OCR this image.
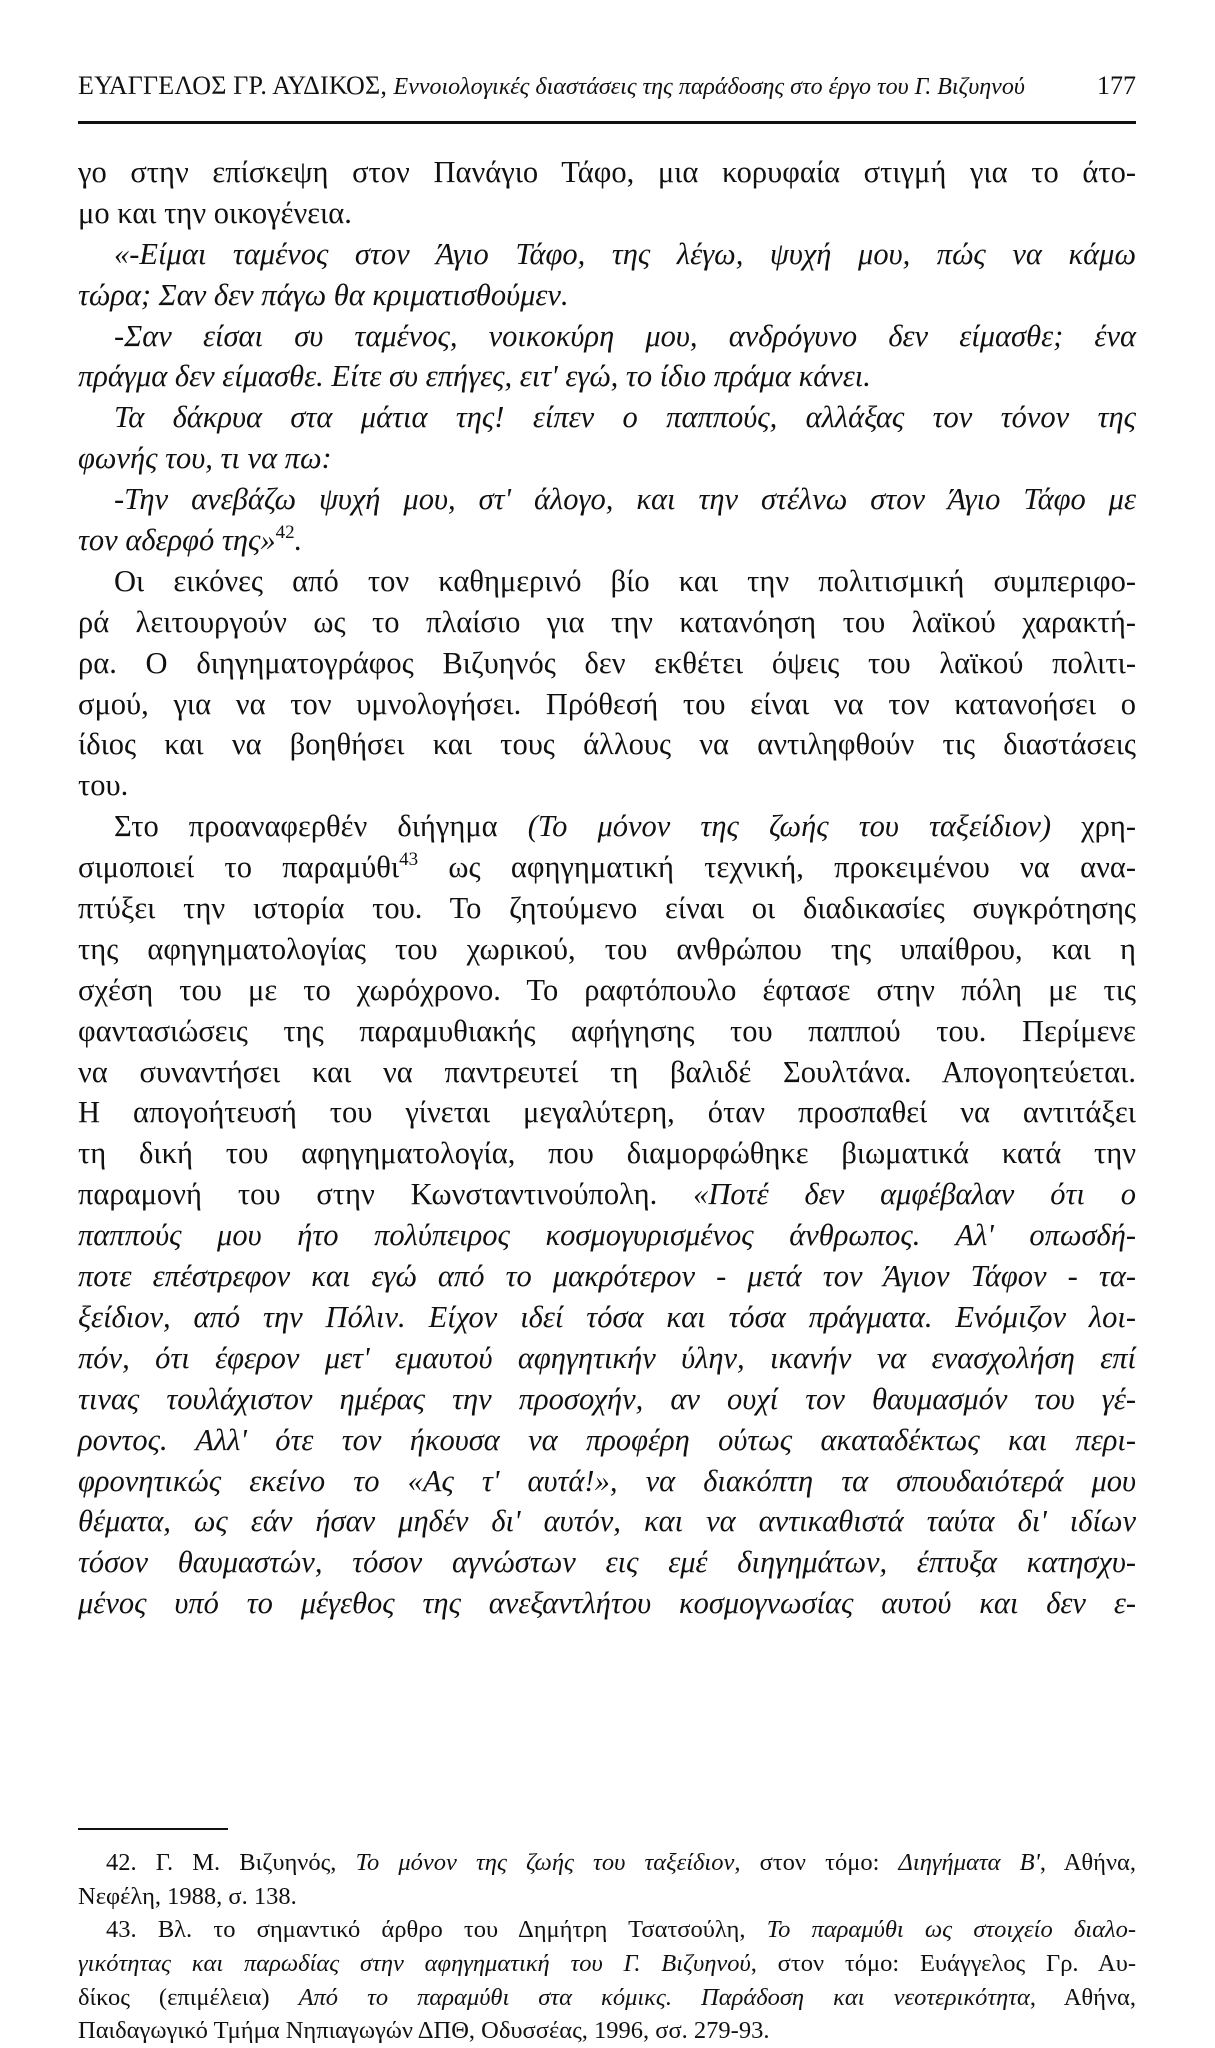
ΕΥΑΓΓΕΛΟΣ ΓΡ. ΑΥΔΙΚΟΣ, Εννοιολογικές διαστάσεις της παράδοσης στο έργο του Γ. Βιζυηνού	177
γο στην επίσκεψη στον Πανάγιο Τάφο, μια κορυφαία στιγμή για το άτο-
μο και την οικογένεια.
«-Είμαι ταμένος στον Άγιο Τάφο, της λέγω, ψυχή μου, πώς να κάμω
τώρα; Σαν δεν πάγω θα κριματισθούμεν.
-Σαν είσαι συ ταμένος, νοικοκύρη μου, ανδρόγυνο δεν είμασθε; ένα
πράγμα δεν είμασθε. Είτε συ επήγες, ειτ' εγώ, το ίδιο πράμα κάνει.
Τα δάκρυα στα μάτια της! είπεν ο παππούς, αλλάξας τον τόνον της
φωνής του, τι να πω:
-Την ανεβάζω ψυχή μου, στ' άλογο, και την στέλνω στον Άγιο Τάφο με
τον αδερφό της»$^{42}$.
Οι εικόνες από τον καθημερινό βίο και την πολιτισμική συμπεριφο-
ρά λειτουργούν ως το πλαίσιο για την κατανόηση του λαϊκού χαρακτή-
ρα. Ο διηγηματογράφος Βιζυηνός δεν εκθέτει όψεις του λαϊκού πολιτι-
σμού, για να τον υμνολογήσει. Πρόθεσή του είναι να τον κατανοήσει ο
ίδιος και να βοηθήσει και τους άλλους να αντιληφθούν τις διαστάσεις
του.
Στο προαναφερθέν διήγημα (Το μόνον της ζωής του ταξείδιον) χρη-
σιμοποιεί το παραμύθι$^{43}$ ως αφηγηματική τεχνική, προκειμένου να ανα-
πτύξει την ιστορία του. Το ζητούμενο είναι οι διαδικασίες συγκρότησης
της αφηγηματολογίας του χωρικού, του ανθρώπου της υπαίθρου, και η
σχέση του με το χωρόχρονο. Το ραφτόπουλο έφτασε στην πόλη με τις
φαντασιώσεις της παραμυθιακής αφήγησης του παππού του. Περίμενε
να συναντήσει και να παντρευτεί τη βαλιδέ Σουλτάνα. Απογοητεύεται.
Η απογοήτευσή του γίνεται μεγαλύτερη, όταν προσπαθεί να αντιτάξει
τη δική του αφηγηματολογία, που διαμορφώθηκε βιωματικά κατά την
παραμονή του στην Κωνσταντινούπολη. «Ποτέ δεν αμφέβαλαν ότι ο
παππούς μου ήτο πολύπειρος κοσμογυρισμένος άνθρωπος. Αλ' οπωσδή-
ποτε επέστρεφον και εγώ από το μακρότερον - μετά τον Άγιον Τάφον - τα-
ξείδιον, από την Πόλιν. Είχον ιδεί τόσα και τόσα πράγματα. Ενόμιζον λοι-
πόν, ότι έφερον μετ' εμαυτού αφηγητικήν ύλην, ικανήν να ενασχολήση επί
τινας τουλάχιστον ημέρας την προσοχήν, αν ουχί τον θαυμασμόν του γέ-
ροντος. Αλλ' ότε τον ήκουσα να προφέρη ούτως ακαταδέκτως και περι-
φρονητικώς εκείνο το «Ας τ' αυτά!», να διακόπτη τα σπουδαιότερά μου
θέματα, ως εάν ήσαν μηδέν δι' αυτόν, και να αντικαθιστά ταύτα δι' ιδίων
τόσον θαυμαστών, τόσον αγνώστων εις εμέ διηγημάτων, έπτυξα κατησχυ-
μένος υπό το μέγεθος της ανεξαντλήτου κοσμογνωσίας αυτού και δεν ε-
42. Γ. Μ. Βιζυηνός, Το μόνον της ζωής του ταξείδιον, στον τόμο: Διηγήματα Β', Αθήνα,
Νεφέλη, 1988, σ. 138.
43. Βλ. το σημαντικό άρθρο του Δημήτρη Τσατσούλη, Το παραμύθι ως στοιχείο διαλο-
γικότητας και παρωδίας στην αφηγηματική του Γ. Βιζυηνού, στον τόμο: Ευάγγελος Γρ. Αυ-
δίκος (επιμέλεια) Από το παραμύθι στα κόμικς. Παράδοση και νεοτερικότητα, Αθήνα,
Παιδαγωγικό Τμήμα Νηπιαγωγών ΔΠΘ, Οδυσσέας, 1996, σσ. 279-93.
